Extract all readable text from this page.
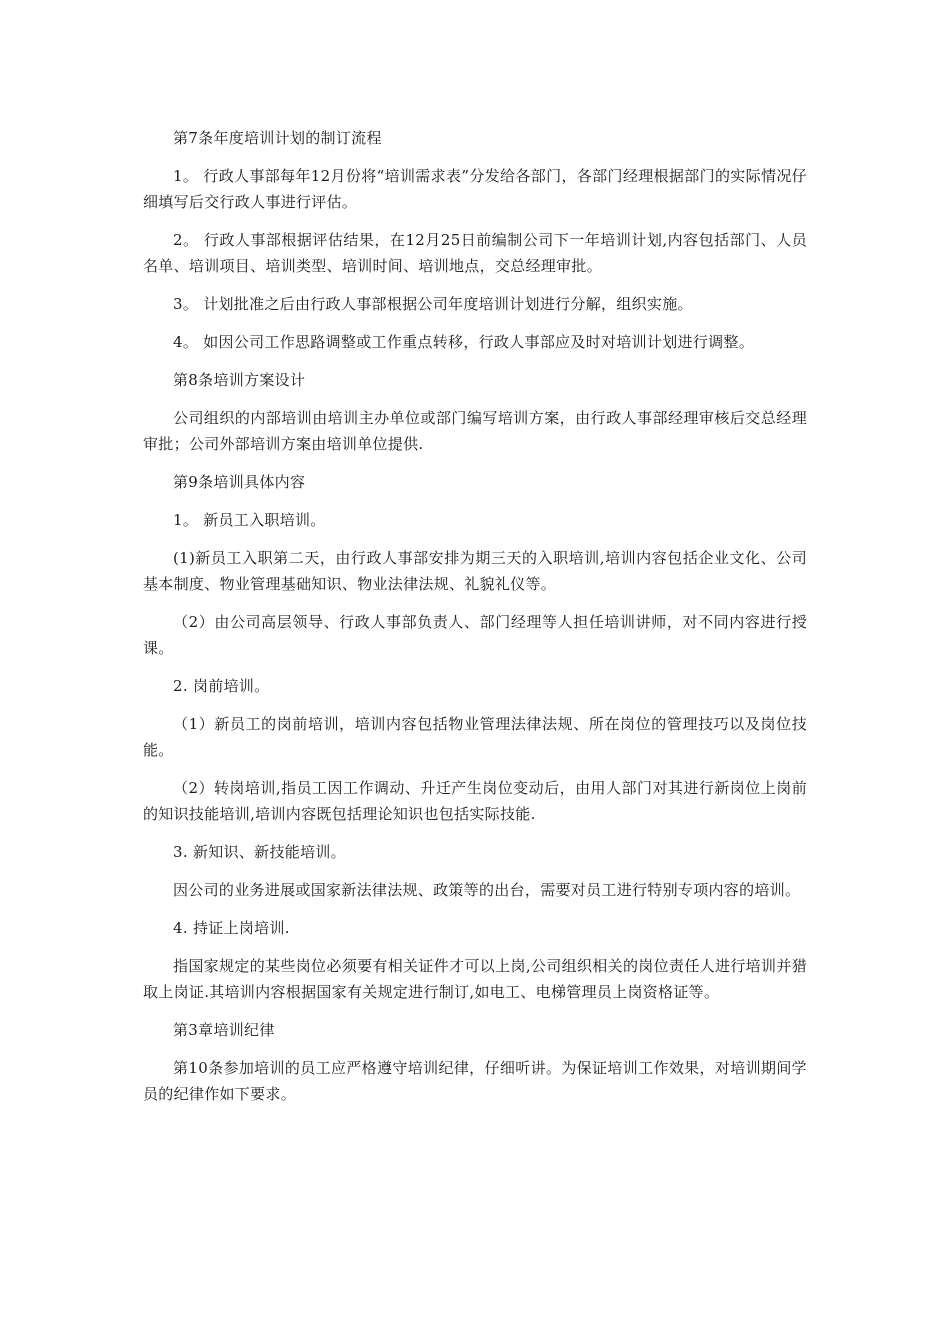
第7条年度培训计划的制订流程

1。 行政人事部每年12月份将“培训需求表”分发给各部门，各部门经理根据部门的实际情况仔细填写后交行政人事进行评估。

2。 行政人事部根据评估结果，在12月25日前编制公司下一年培训计划,内容包括部门、人员名单、培训项目、培训类型、培训时间、培训地点，交总经理审批。

3。 计划批准之后由行政人事部根据公司年度培训计划进行分解，组织实施。

4。 如因公司工作思路调整或工作重点转移，行政人事部应及时对培训计划进行调整。

第8条培训方案设计

公司组织的内部培训由培训主办单位或部门编写培训方案，由行政人事部经理审核后交总经理审批；公司外部培训方案由培训单位提供.

第9条培训具体内容

1。 新员工入职培训。

(1)新员工入职第二天，由行政人事部安排为期三天的入职培训,培训内容包括企业文化、公司基本制度、物业管理基础知识、物业法律法规、礼貌礼仪等。

（2）由公司高层领导、行政人事部负责人、部门经理等人担任培训讲师，对不同内容进行授课。

2. 岗前培训。

（1）新员工的岗前培训，培训内容包括物业管理法律法规、所在岗位的管理技巧以及岗位技能。

（2）转岗培训,指员工因工作调动、升迁产生岗位变动后，由用人部门对其进行新岗位上岗前的知识技能培训,培训内容既包括理论知识也包括实际技能.

3. 新知识、新技能培训。

因公司的业务进展或国家新法律法规、政策等的出台，需要对员工进行特别专项内容的培训。

4. 持证上岗培训.

指国家规定的某些岗位必须要有相关证件才可以上岗,公司组织相关的岗位责任人进行培训并猎取上岗证.其培训内容根据国家有关规定进行制订,如电工、电梯管理员上岗资格证等。

第3章培训纪律

第10条参加培训的员工应严格遵守培训纪律，仔细听讲。为保证培训工作效果，对培训期间学员的纪律作如下要求。
